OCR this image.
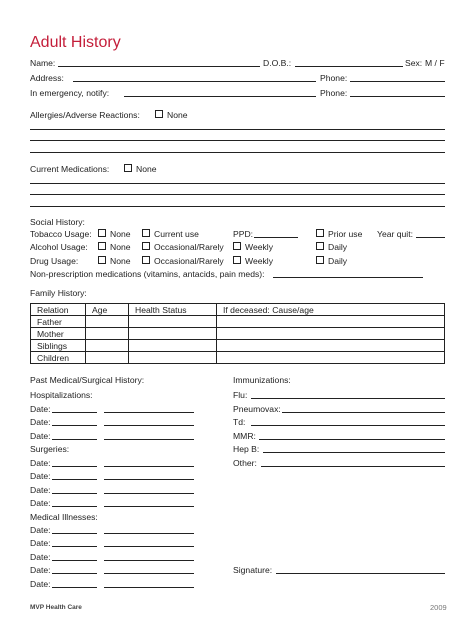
Adult History
Name:	D.O.B.:	Sex: M / F
Address:	Phone:
In emergency, notify:	Phone:
Allergies/Adverse Reactions:	None
Current Medications:	None
Social History:
Tobacco Usage:	None	Current use	PPD:	Prior use Year quit:
Alcohol Usage:	None	Occasional/Rarely	Weekly	Daily
Drug Usage:	None	Occasional/Rarely	Weekly	Daily
Non-prescription medications (vitamins, antacids, pain meds):
Family History:
Relation	Age	Health Status	If deceased: Cause/age
Father			
Mother			
Siblings			
Children			
Past Medical/Surgical History:
Hospitalizations:
Date:
Date:
Date:
Surgeries:
Date:
Date:
Date:
Date:
Medical Illnesses:
Date:
Date:
Date:
Date:
Date:
Immunizations:
Flu:
Pneumovax:
Td:
MMR:
Hep B:
Other:
Signature:
MVP Health Care	2009
